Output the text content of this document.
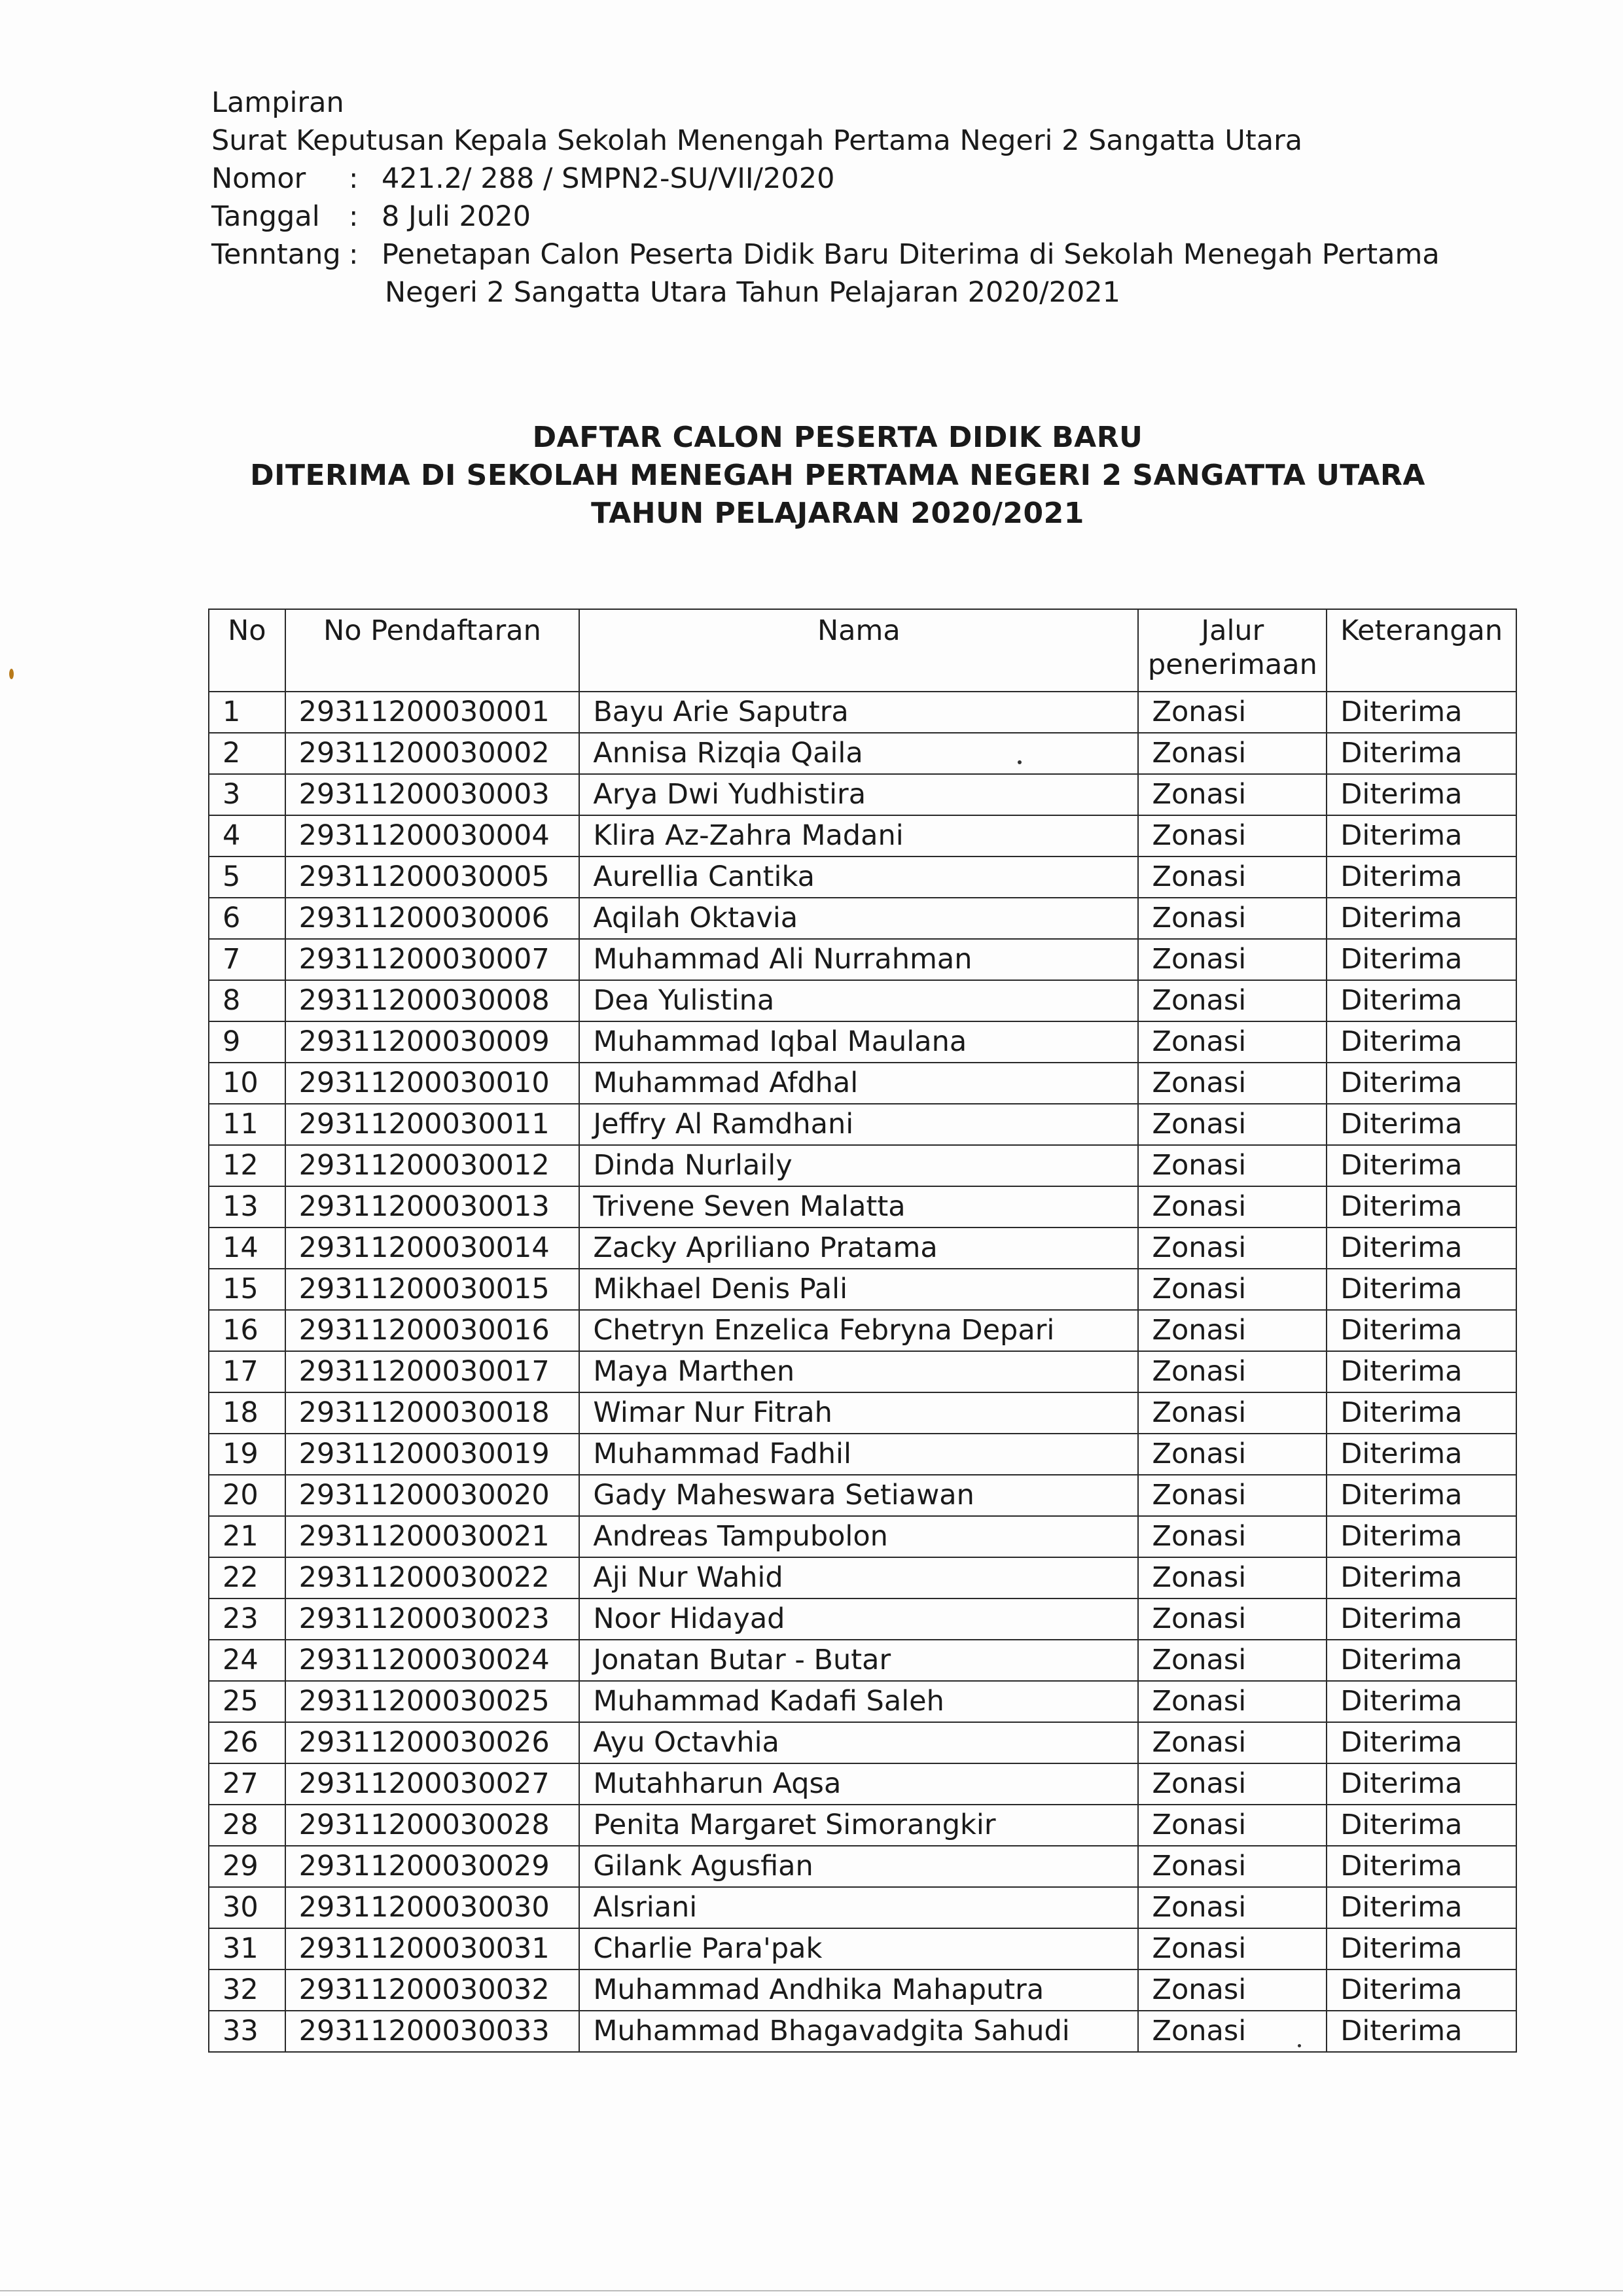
Lampiran
Surat Keputusan Kepala Sekolah Menengah Pertama Negeri 2 Sangatta Utara
Nomor	: 421.2/ 288 / SMPN2-SU/VII/2020
Tanggal	: 8 Juli 2020
Tenntang : Penetapan Calon Peserta Didik Baru Diterima di Sekolah Menegah Pertama
Negeri 2 Sangatta Utara Tahun Pelajaran 2020/2021
DAFTAR CALON PESERTA DIDIK BARU
DITERIMA DI SEKOLAH MENEGAH PERTAMA NEGERI 2 SANGATTA UTARA
TAHUN PELAJARAN 2020/2021
No	No Pendaftaran	Nama	Jalur penerimaan	Keterangan
1	29311200030001	Bayu Arie Saputra	Zonasi	Diterima
2	29311200030002	Annisa Rizqia Qaila	Zonasi	Diterima
3	29311200030003	Arya Dwi Yudhistira	Zonasi	Diterima
4	29311200030004	Klira Az-Zahra Madani	Zonasi	Diterima
5	29311200030005	Aurellia Cantika	Zonasi	Diterima
6	29311200030006	Aqilah Oktavia	Zonasi	Diterima
7	29311200030007	Muhammad Ali Nurrahman	Zonasi	Diterima
8	29311200030008	Dea Yulistina	Zonasi	Diterima
9	29311200030009	Muhammad Iqbal Maulana	Zonasi	Diterima
10	29311200030010	Muhammad Afdhal	Zonasi	Diterima
11	29311200030011	Jeffry Al Ramdhani	Zonasi	Diterima
12	29311200030012	Dinda Nurlaily	Zonasi	Diterima
13	29311200030013	Trivene Seven Malatta	Zonasi	Diterima
14	29311200030014	Zacky Apriliano Pratama	Zonasi	Diterima
15	29311200030015	Mikhael Denis Pali	Zonasi	Diterima
16	29311200030016	Chetryn Enzelica Febryna Depari	Zonasi	Diterima
17	29311200030017	Maya Marthen	Zonasi	Diterima
18	29311200030018	Wimar Nur Fitrah	Zonasi	Diterima
19	29311200030019	Muhammad Fadhil	Zonasi	Diterima
20	29311200030020	Gady Maheswara Setiawan	Zonasi	Diterima
21	29311200030021	Andreas Tampubolon	Zonasi	Diterima
22	29311200030022	Aji Nur Wahid	Zonasi	Diterima
23	29311200030023	Noor Hidayad	Zonasi	Diterima
24	29311200030024	Jonatan Butar - Butar	Zonasi	Diterima
25	29311200030025	Muhammad Kadafi Saleh	Zonasi	Diterima
26	29311200030026	Ayu Octavhia	Zonasi	Diterima
27	29311200030027	Mutahharun Aqsa	Zonasi	Diterima
28	29311200030028	Penita Margaret Simorangkir	Zonasi	Diterima
29	29311200030029	Gilank Agusfian	Zonasi	Diterima
30	29311200030030	Alsriani	Zonasi	Diterima
31	29311200030031	Charlie Para'pak	Zonasi	Diterima
32	29311200030032	Muhammad Andhika Mahaputra	Zonasi	Diterima
33	29311200030033	Muhammad Bhagavadgita Sahudi	Zonasi	Diterima
